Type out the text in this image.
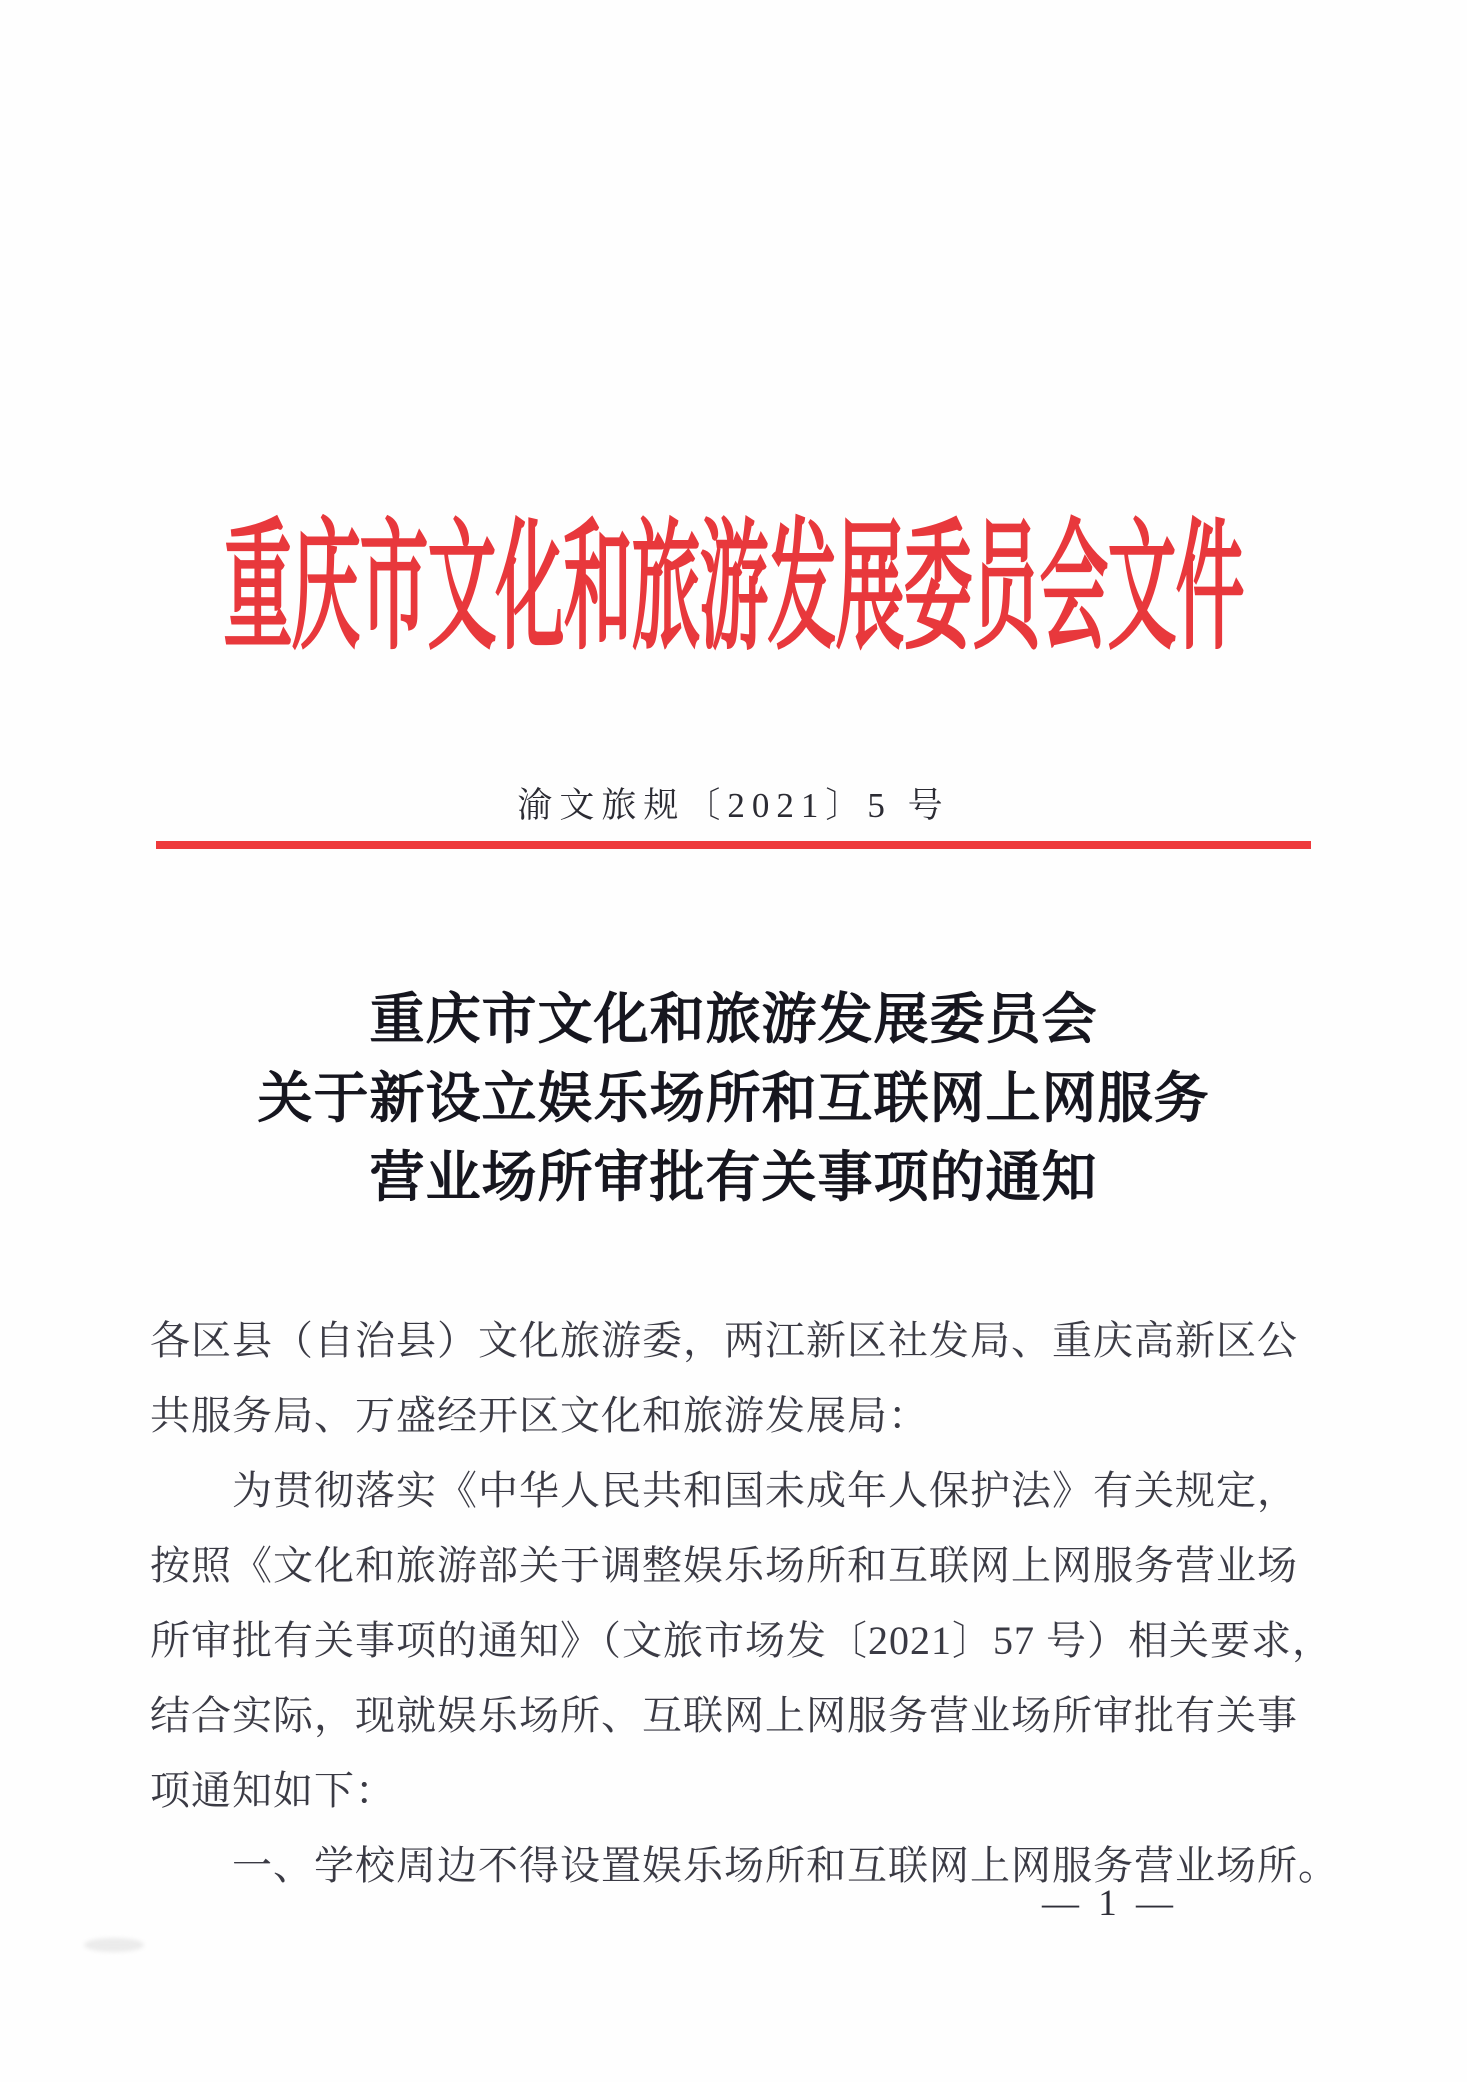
重庆市文化和旅游发展委员会文件
渝文旅规〔2021〕5 号
重庆市文化和旅游发展委员会
关于新设立娱乐场所和互联网上网服务
营业场所审批有关事项的通知
各区县（自治县）文化旅游委，两江新区社发局、重庆高新区公
共服务局、万盛经开区文化和旅游发展局：
为贯彻落实《中华人民共和国未成年人保护法》有关规定，
按照《文化和旅游部关于调整娱乐场所和互联网上网服务营业场
所审批有关事项的通知》（文旅市场发〔2021〕57 号）相关要求，
结合实际，现就娱乐场所、互联网上网服务营业场所审批有关事
项通知如下：
一、学校周边不得设置娱乐场所和互联网上网服务营业场所。
— 1 —
